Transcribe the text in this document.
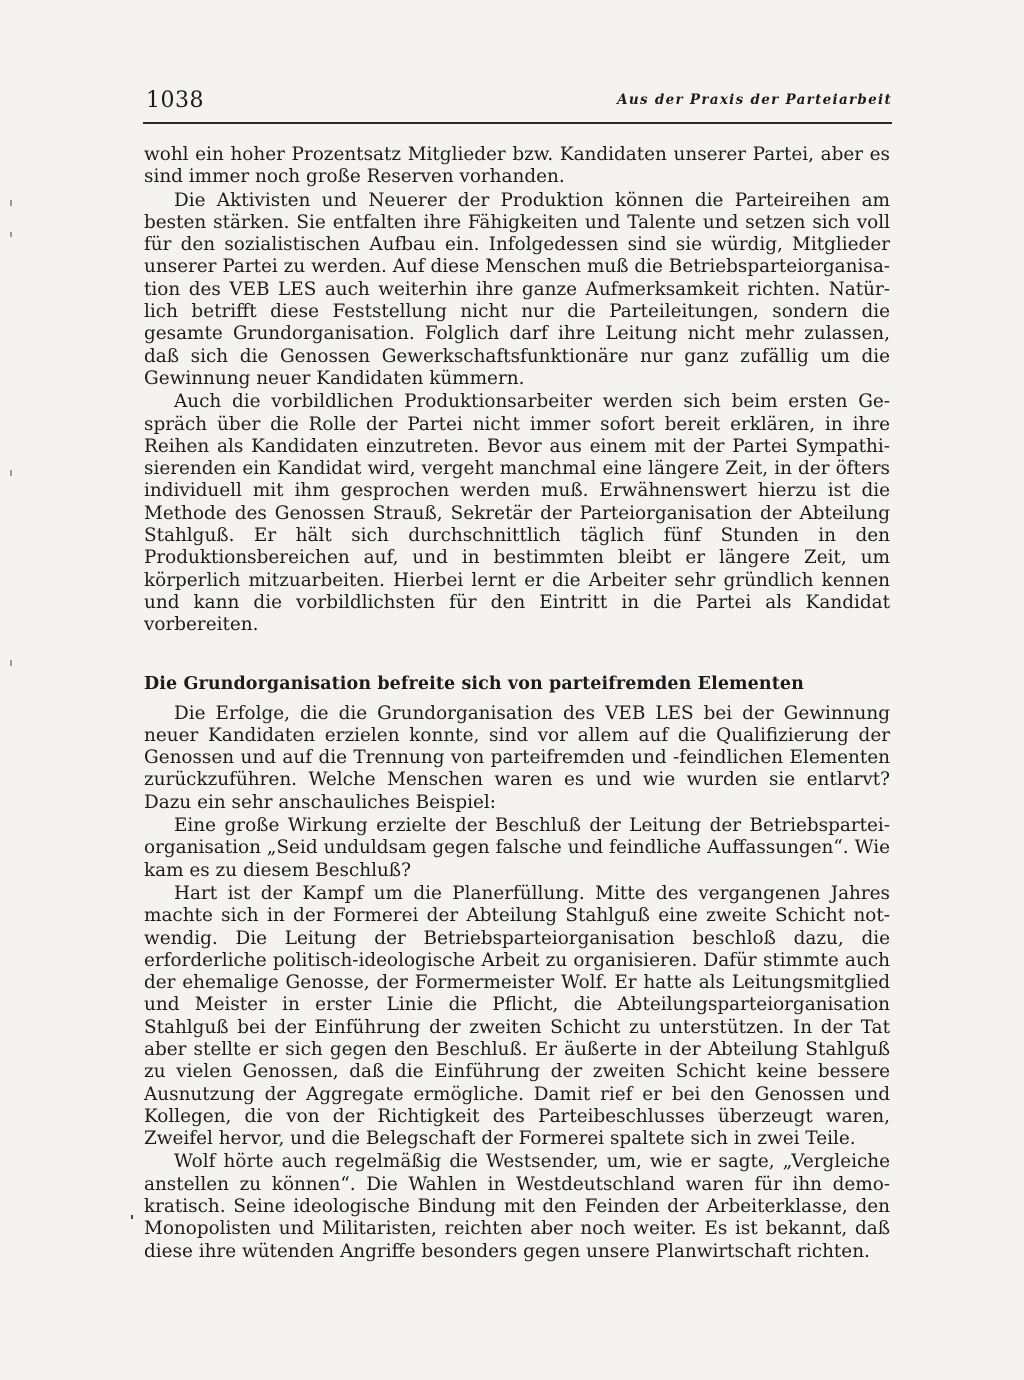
1038	Aus der Praxis der Parteiarbeit

wohl ein hoher Prozentsatz Mitglieder bzw. Kandidaten unserer Partei, aber es sind immer noch große Reserven vorhanden.

Die Aktivisten und Neuerer der Produktion können die Parteireihen am besten stärken. Sie entfalten ihre Fähigkeiten und Talente und setzen sich voll für den sozialistischen Aufbau ein. Infolgedessen sind sie würdig, Mitglieder unserer Partei zu werden. Auf diese Menschen muß die Betriebsparteiorganisation des VEB LES auch weiterhin ihre ganze Aufmerksamkeit richten. Natürlich betrifft diese Feststellung nicht nur die Parteileitungen, sondern die gesamte Grundorganisation. Folglich darf ihre Leitung nicht mehr zulassen, daß sich die Genossen Gewerkschaftsfunktionäre nur ganz zufällig um die Gewinnung neuer Kandidaten kümmern.

Auch die vorbildlichen Produktionsarbeiter werden sich beim ersten Gespräch über die Rolle der Partei nicht immer sofort bereit erklären, in ihre Reihen als Kandidaten einzutreten. Bevor aus einem mit der Partei Sympathisierenden ein Kandidat wird, vergeht manchmal eine längere Zeit, in der öfters individuell mit ihm gesprochen werden muß. Erwähnenswert hierzu ist die Methode des Genossen Strauß, Sekretär der Parteiorganisation der Abteilung Stahlguß. Er hält sich durchschnittlich täglich fünf Stunden in den Produktionsbereichen auf, und in bestimmten bleibt er längere Zeit, um körperlich mitzuarbeiten. Hierbei lernt er die Arbeiter sehr gründlich kennen und kann die vorbildlichsten für den Eintritt in die Partei als Kandidat vorbereiten.

Die Grundorganisation befreite sich von parteifremden Elementen

Die Erfolge, die die Grundorganisation des VEB LES bei der Gewinnung neuer Kandidaten erzielen konnte, sind vor allem auf die Qualifizierung der Genossen und auf die Trennung von parteifremden und -feindlichen Elementen zurückzuführen. Welche Menschen waren es und wie wurden sie entlarvt? Dazu ein sehr anschauliches Beispiel:

Eine große Wirkung erzielte der Beschluß der Leitung der Betriebsparteiorganisation „Seid unduldsam gegen falsche und feindliche Auffassungen“. Wie kam es zu diesem Beschluß?

Hart ist der Kampf um die Planerfüllung. Mitte des vergangenen Jahres machte sich in der Formerei der Abteilung Stahlguß eine zweite Schicht notwendig. Die Leitung der Betriebsparteiorganisation beschloß dazu, die erforderliche politisch-ideologische Arbeit zu organisieren. Dafür stimmte auch der ehemalige Genosse, der Formermeister Wolf. Er hatte als Leitungsmitglied und Meister in erster Linie die Pflicht, die Abteilungsparteiorganisation Stahlguß bei der Einführung der zweiten Schicht zu unterstützen. In der Tat aber stellte er sich gegen den Beschluß. Er äußerte in der Abteilung Stahlguß zu vielen Genossen, daß die Einführung der zweiten Schicht keine bessere Ausnutzung der Aggregate ermögliche. Damit rief er bei den Genossen und Kollegen, die von der Richtigkeit des Parteibeschlusses überzeugt waren, Zweifel hervor, und die Belegschaft der Formerei spaltete sich in zwei Teile.

Wolf hörte auch regelmäßig die Westsender, um, wie er sagte, „Vergleiche anstellen zu können“. Die Wahlen in Westdeutschland waren für ihn demokratisch. Seine ideologische Bindung mit den Feinden der Arbeiterklasse, den Monopolisten und Militaristen, reichten aber noch weiter. Es ist bekannt, daß diese ihre wütenden Angriffe besonders gegen unsere Planwirtschaft richten.
